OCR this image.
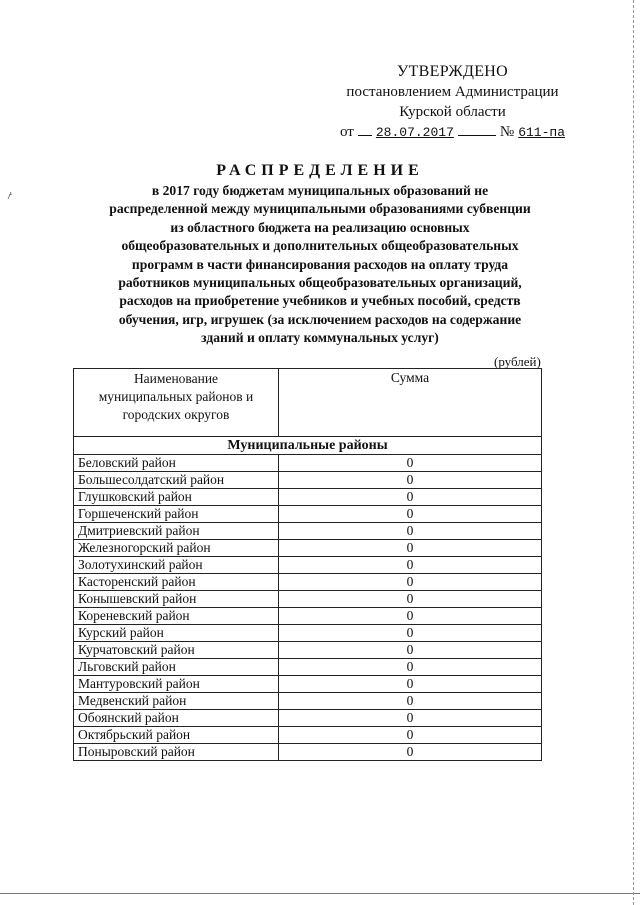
УТВЕРЖДЕНО
постановлением Администрации
Курской области
от 28.07.2017	№ 611-па
РАСПРЕДЕЛЕНИЕ
в 2017 году бюджетам муниципальных образований не
распределенной между муниципальными образованиями субвенции
из областного бюджета на реализацию основных
общеобразовательных и дополнительных общеобразовательных
программ в части финансирования расходов на оплату труда
работников муниципальных общеобразовательных организаций,
расходов на приобретение учебников и учебных пособий, средств
обучения, игр, игрушек (за исключением расходов на содержание
зданий и оплату коммунальных услуг)
(рублей)
Наименование
муниципальных районов и
городских округов	Сумма
Муниципальные районы	
Беловский район	0
Большесолдатский район	0
Глушковский район	0
Горшеченский район	0
Дмитриевский район	0
Железногорский район	0
Золотухинский район	0
Касторенский район	0
Конышевский район	0
Кореневский район	0
Курский район	0
Курчатовский район	0
Льговский район	0
Мантуровский район	0
Медвенский район	0
Обоянский район	0
Октябрьский район	0
Поныровский район	0
